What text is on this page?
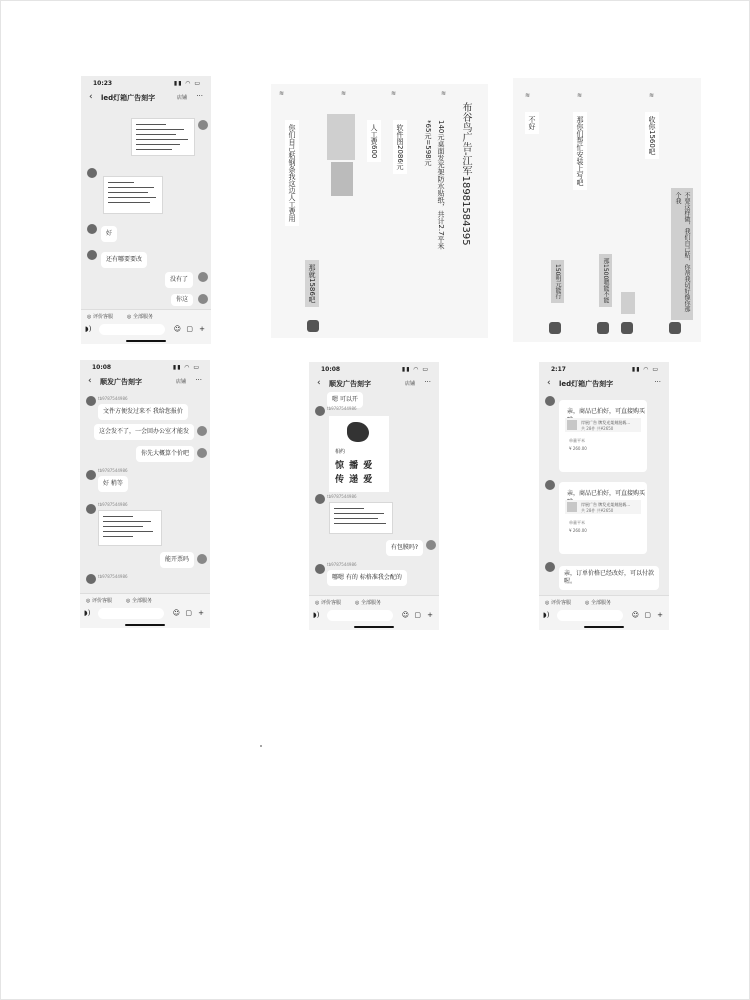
10:23	▮▮ ◠ ▭
‹ led灯箱广告刻字	店铺 ···
好
还有哪要要改
没有了
你这
◎ 评价客服	◎ 全部服务
◗)	☺ ▢ +
≋	≋	≋	≋
布谷鸟广告-江军18981584395
140元桌面发光架防水贴纸，共计2.7平米
*65元=598元
软件图2086元
人工费600
你们自己粘钢条我这边人工费用
那就1586吧
≋	≋	≋
收你1560吧
那你们帮忙安装上写吧
不好
不要这样做，我们自己贴，你帮我切好像你那个我
那1500嗯能不能
150明元能行
10:08	▮▮ ◠ ▭
‹ 顺发广告刻字	店铺 ···
tb9787544986
文件方便发过来不 我给您报价
这会发不了，一会回办公室才能发
你先大概算个价吧
tb9787544986
好 稍等
tb9787544986
能开票吗
tb9787544986
◎ 评价客服	◎ 全部服务
◗)	☺ ▢ +
10:08	▮▮ ◠ ▭
‹ 顺发广告刻字	店铺 ···
嗯 可以开
tb9787544986
相约
惊 播 爱
传 递 爱
tb9787544986
有包膜吗?
tb9787544986
哪嗯 有的 标格准我会配的
◎ 评价客服	◎ 全部服务
◗)	☺ ▢ +
2:17	▮▮ ◠ ▭
‹ led灯箱广告刻字	···
亲，商品已拍好，可直接购买
岸展广告 牌发光架刻批载...
共 28件 共¥2650
单量平米
¥ 260.00
亲，商品已拍好，可直接购买
岸展广告 牌发光架刻批载...
共 28件 共¥2650
单量平米
¥ 260.00
亲，订单价格已经改好，可以付款
喔。
◎ 评价客服	◎ 全部服务
◗)	☺ ▢ +
